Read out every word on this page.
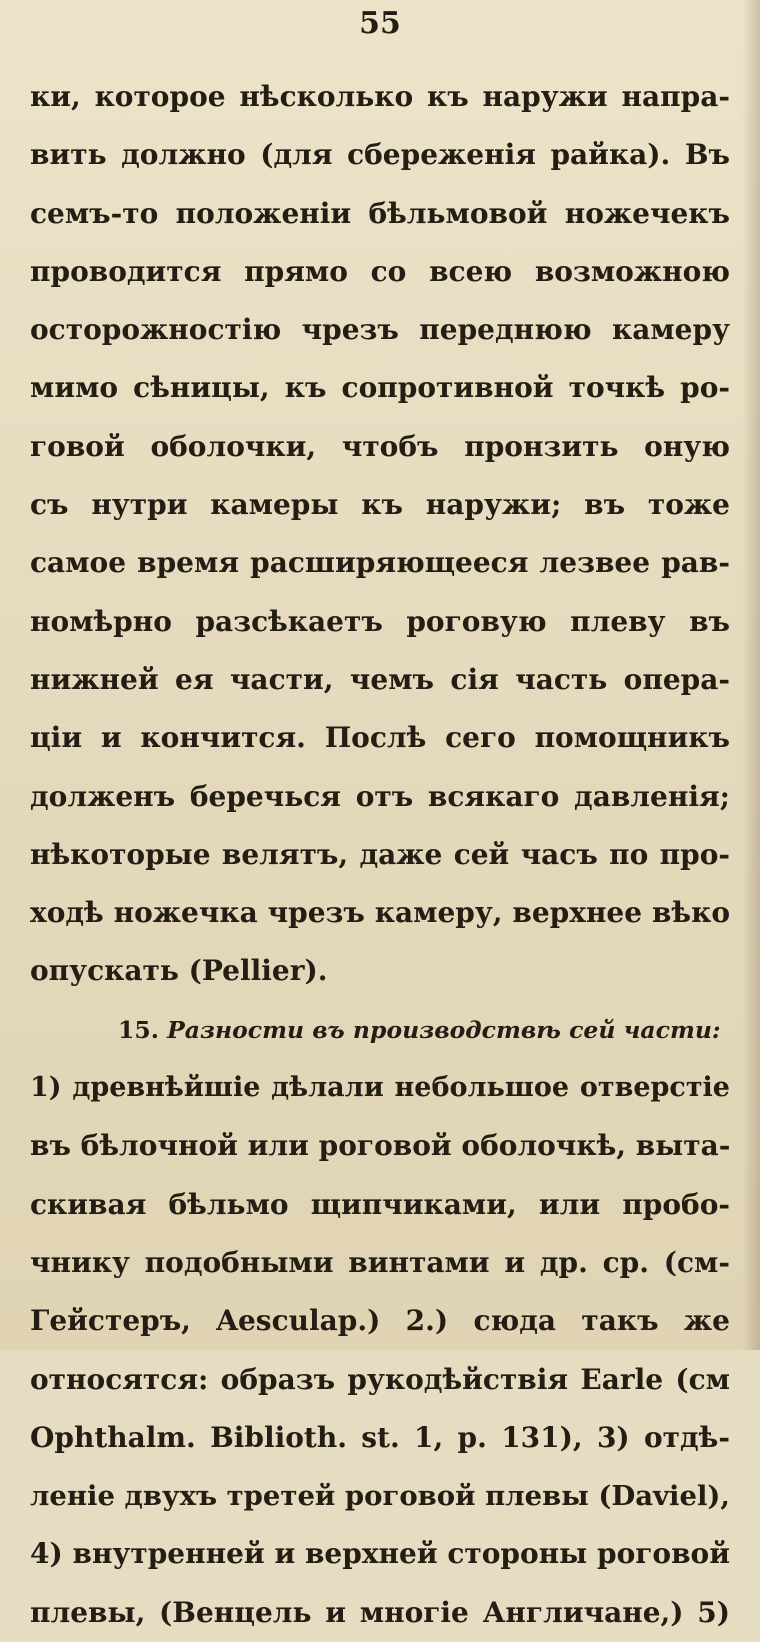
55
ки, которое нѣсколько къ наружи напра-
вить должно (для сбереженія райка). Въ
семъ-то положеніи бѣльмовой ножечекъ
проводится прямо со всею возможною
осторожностію чрезъ переднюю камеру
мимо сѣницы, къ сопротивной точкѣ ро-
говой оболочки, чтобъ пронзить оную
съ нутри камеры къ наружи; въ тоже
самое время расширяющееся лезвее рав-
номѣрно разсѣкаетъ роговую плеву въ
нижней ея части, чемъ сія часть опера-
ціи и кончится. Послѣ сего помощникъ
долженъ беречься отъ всякаго давленія;
нѣкоторые велятъ, даже сей часъ по про-
ходѣ ножечка чрезъ камеру, верхнее вѣко
опускать (Pellier).
15. Разности въ производствѣ сей части:
1) древнѣйшіе дѣлали небольшое отверстіе
въ бѣлочной или роговой оболочкѣ, выта-
скивая бѣльмо щипчиками, или пробо-
чнику подобными винтами и др. ср. (см-
Гейстеръ, Aesculap.) 2.) сюда такъ же
относятся: образъ рукодѣйствія Earle (см
Ophthalm. Biblioth. st. 1, p. 131), 3) отдѣ-
леніе двухъ третей роговой плевы (Daviel),
4) внутренней и верхней стороны роговой
плевы, (Венцель и многіе Англичане,) 5)
